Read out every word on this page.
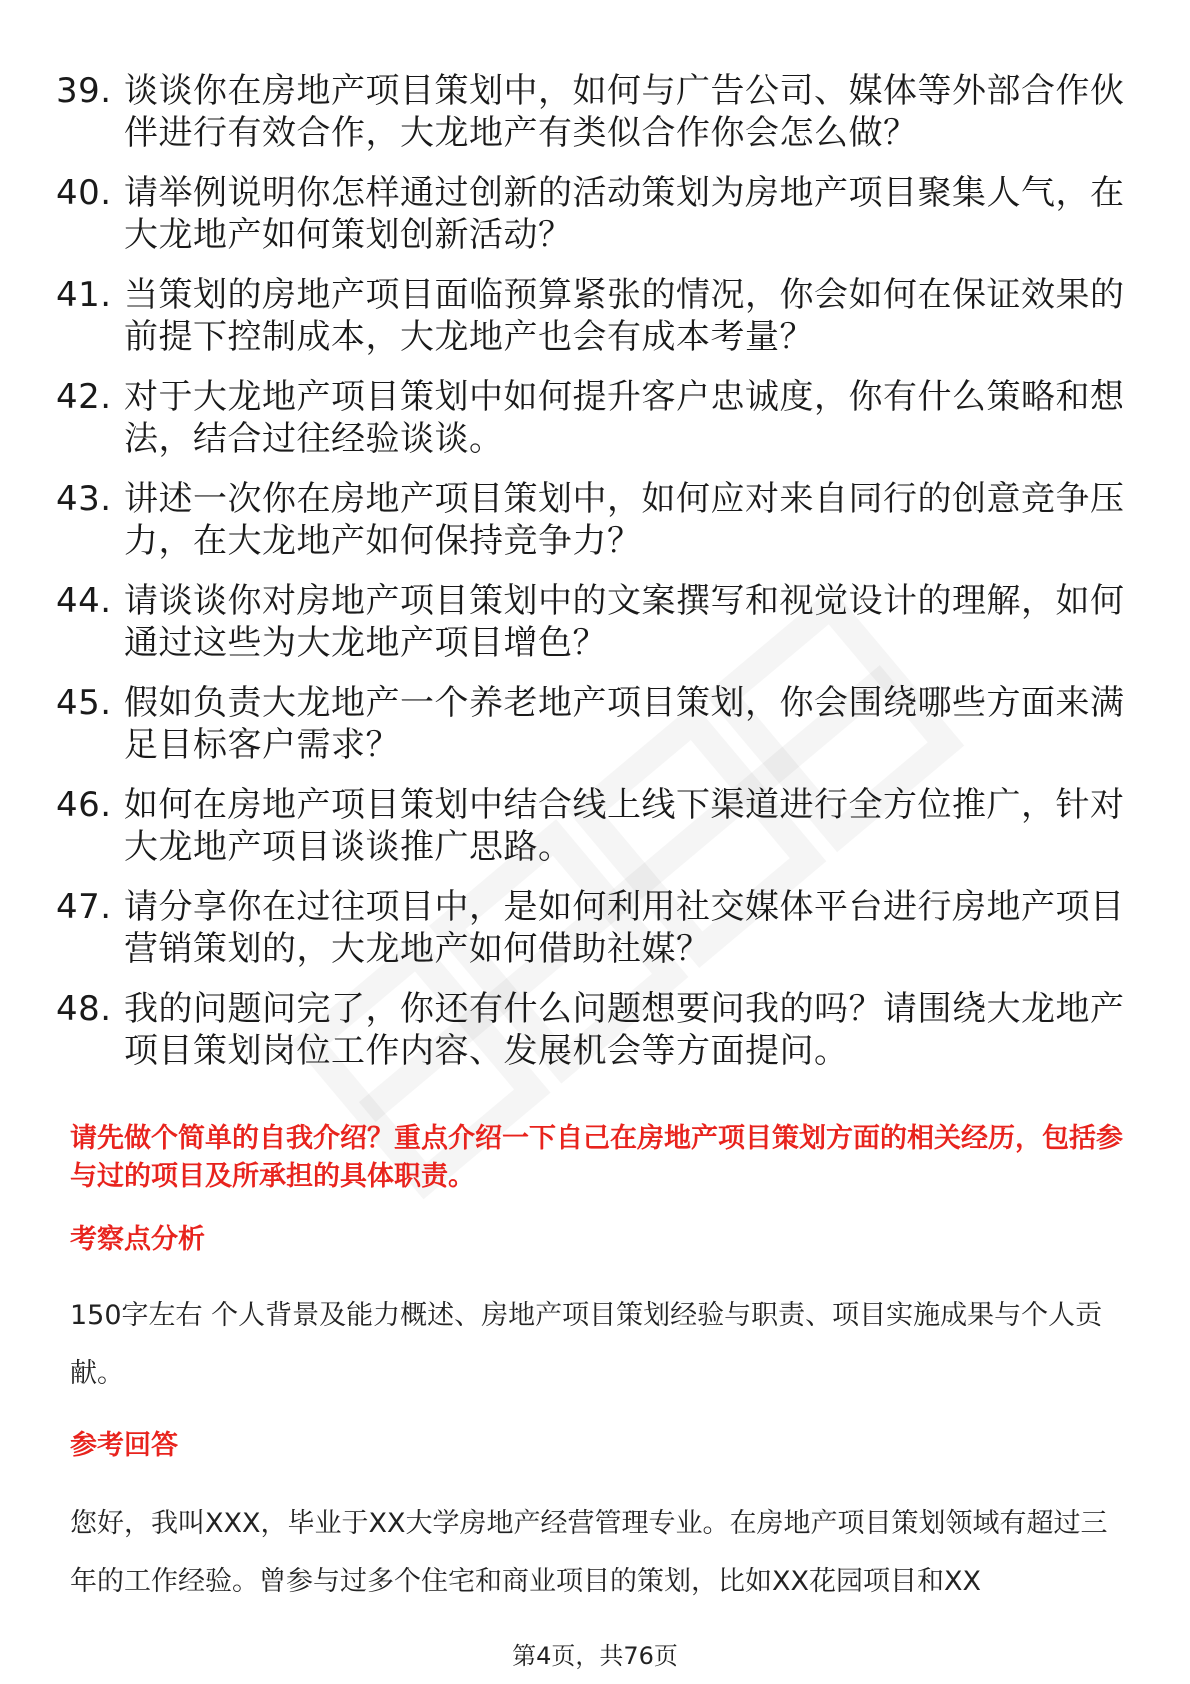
39. 谈谈你在房地产项目策划中，如何与广告公司、媒体等外部合作伙伴进行有效合作，大龙地产有类似合作你会怎么做？
40. 请举例说明你怎样通过创新的活动策划为房地产项目聚集人气，在大龙地产如何策划创新活动？
41. 当策划的房地产项目面临预算紧张的情况，你会如何在保证效果的前提下控制成本，大龙地产也会有成本考量？
42. 对于大龙地产项目策划中如何提升客户忠诚度，你有什么策略和想法，结合过往经验谈谈。
43. 讲述一次你在房地产项目策划中，如何应对来自同行的创意竞争压力，在大龙地产如何保持竞争力？
44. 请谈谈你对房地产项目策划中的文案撰写和视觉设计的理解，如何通过这些为大龙地产项目增色？
45. 假如负责大龙地产一个养老地产项目策划，你会围绕哪些方面来满足目标客户需求？
46. 如何在房地产项目策划中结合线上线下渠道进行全方位推广，针对大龙地产项目谈谈推广思路。
47. 请分享你在过往项目中，是如何利用社交媒体平台进行房地产项目营销策划的，大龙地产如何借助社媒？
48. 我的问题问完了，你还有什么问题想要问我的吗？请围绕大龙地产项目策划岗位工作内容、发展机会等方面提问。
请先做个简单的自我介绍？重点介绍一下自己在房地产项目策划方面的相关经历，包括参与过的项目及所承担的具体职责。
考察点分析
150字左右 个人背景及能力概述、房地产项目策划经验与职责、项目实施成果与个人贡献。
参考回答
您好，我叫XXX，毕业于XX大学房地产经营管理专业。在房地产项目策划领域有超过三年的工作经验。曾参与过多个住宅和商业项目的策划，比如XX花园项目和XX
第4页，共76页
